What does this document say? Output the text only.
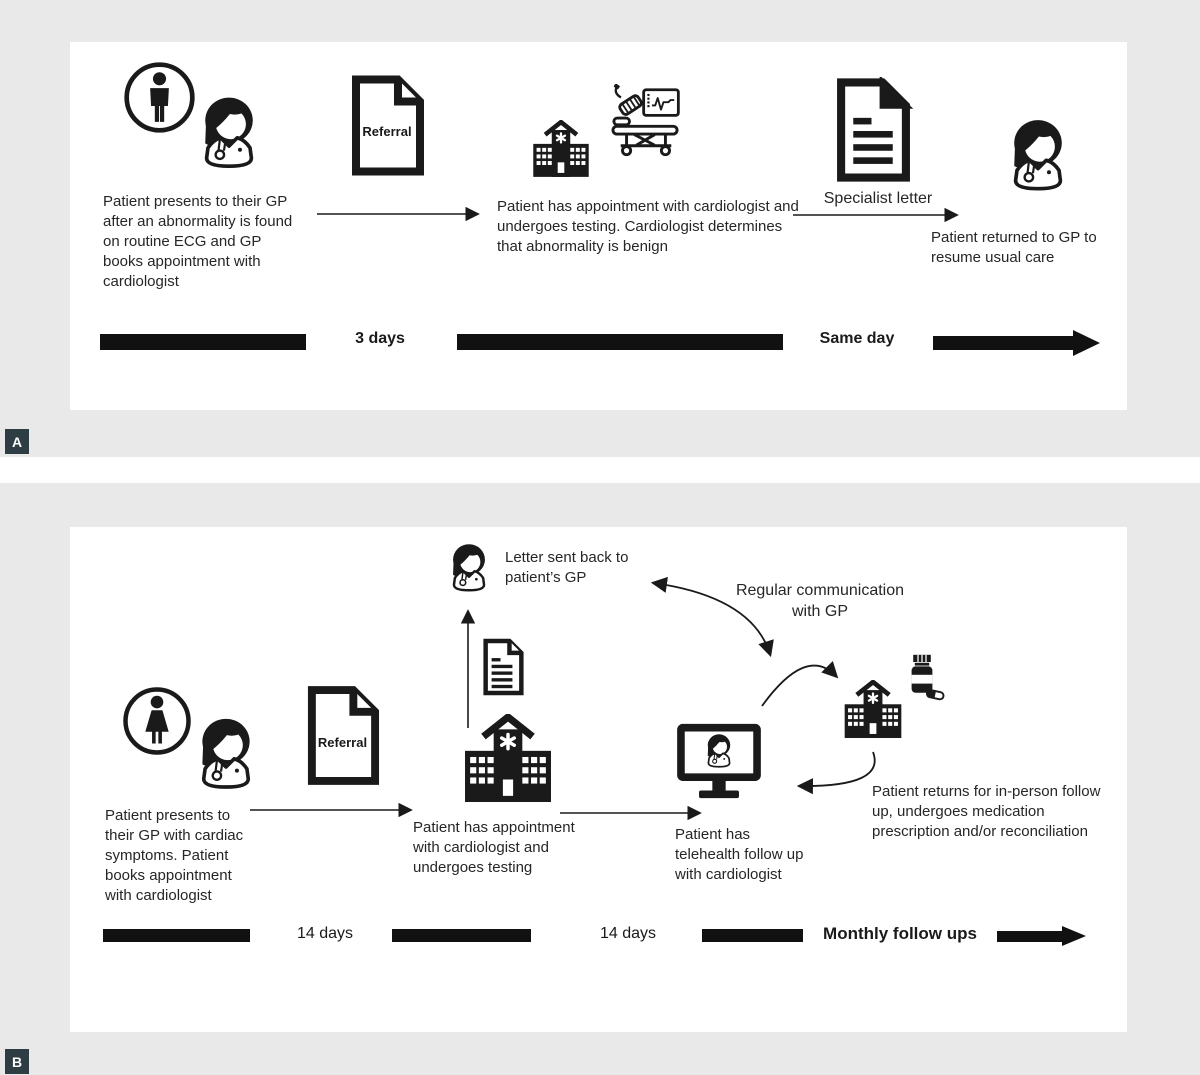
A
Referral
Patient presents to their GP after an abnormality is found on routine ECG and GP books appointment with cardiologist
Patient has appointment with cardiologist and undergoes testing. Cardiologist determines that abnormality is benign
Specialist letter
Patient returned to GP to resume usual care
3 days	Same day
B
Referral
Patient presents to their GP with cardiac symptoms. Patient books appointment with cardiologist
Letter sent back to patient’s GP
Patient has appointment with cardiologist and undergoes testing
Patient has telehealth follow up with cardiologist
Regular communication with GP
Patient returns for in-person follow up, undergoes medication prescription and/or reconciliation
14 days	14 days	Monthly follow ups
